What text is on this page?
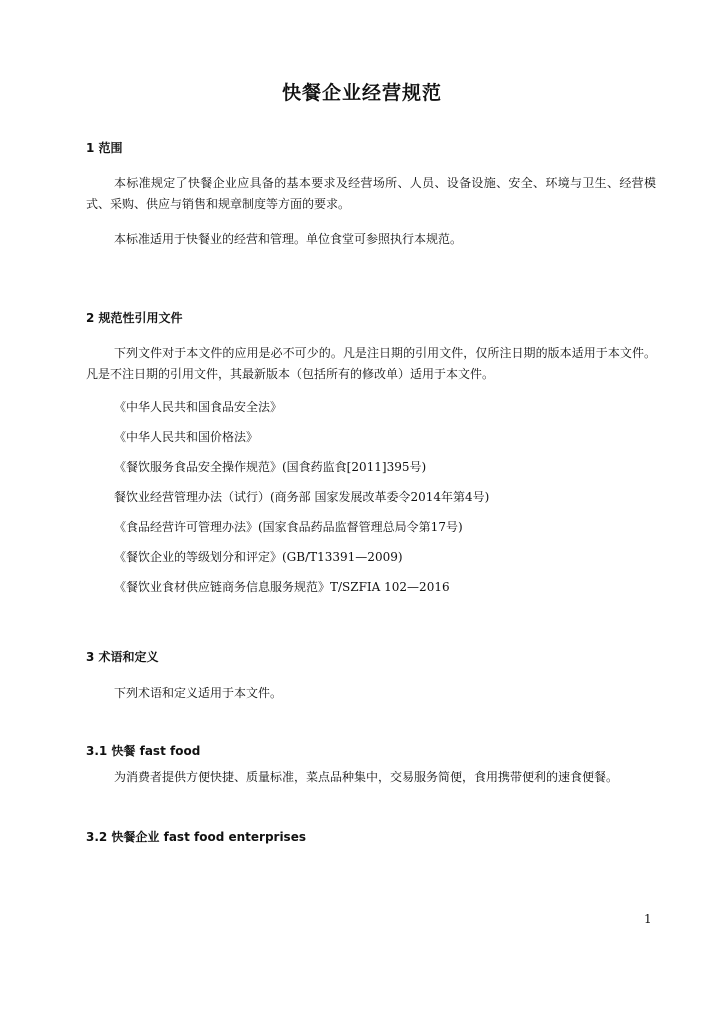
快餐企业经营规范
1 范围
本标准规定了快餐企业应具备的基本要求及经营场所、人员、设备设施、安全、环境与卫生、经营模式、采购、供应与销售和规章制度等方面的要求。
本标准适用于快餐业的经营和管理。单位食堂可参照执行本规范。
2 规范性引用文件
下列文件对于本文件的应用是必不可少的。凡是注日期的引用文件，仅所注日期的版本适用于本文件。凡是不注日期的引用文件，其最新版本（包括所有的修改单）适用于本文件。
《中华人民共和国食品安全法》
《中华人民共和国价格法》
《餐饮服务食品安全操作规范》(国食药监食[2011]395号)
餐饮业经营管理办法（试行）(商务部 国家发展改革委令2014年第4号)
《食品经营许可管理办法》(国家食品药品监督管理总局令第17号)
《餐饮企业的等级划分和评定》(GB/T13391—2009)
《餐饮业食材供应链商务信息服务规范》T/SZFIA 102—2016
3 术语和定义
下列术语和定义适用于本文件。
3.1 快餐 fast food
为消费者提供方便快捷、质量标准，菜点品种集中，交易服务简便，食用携带便利的速食便餐。
3.2 快餐企业 fast food enterprises
1
